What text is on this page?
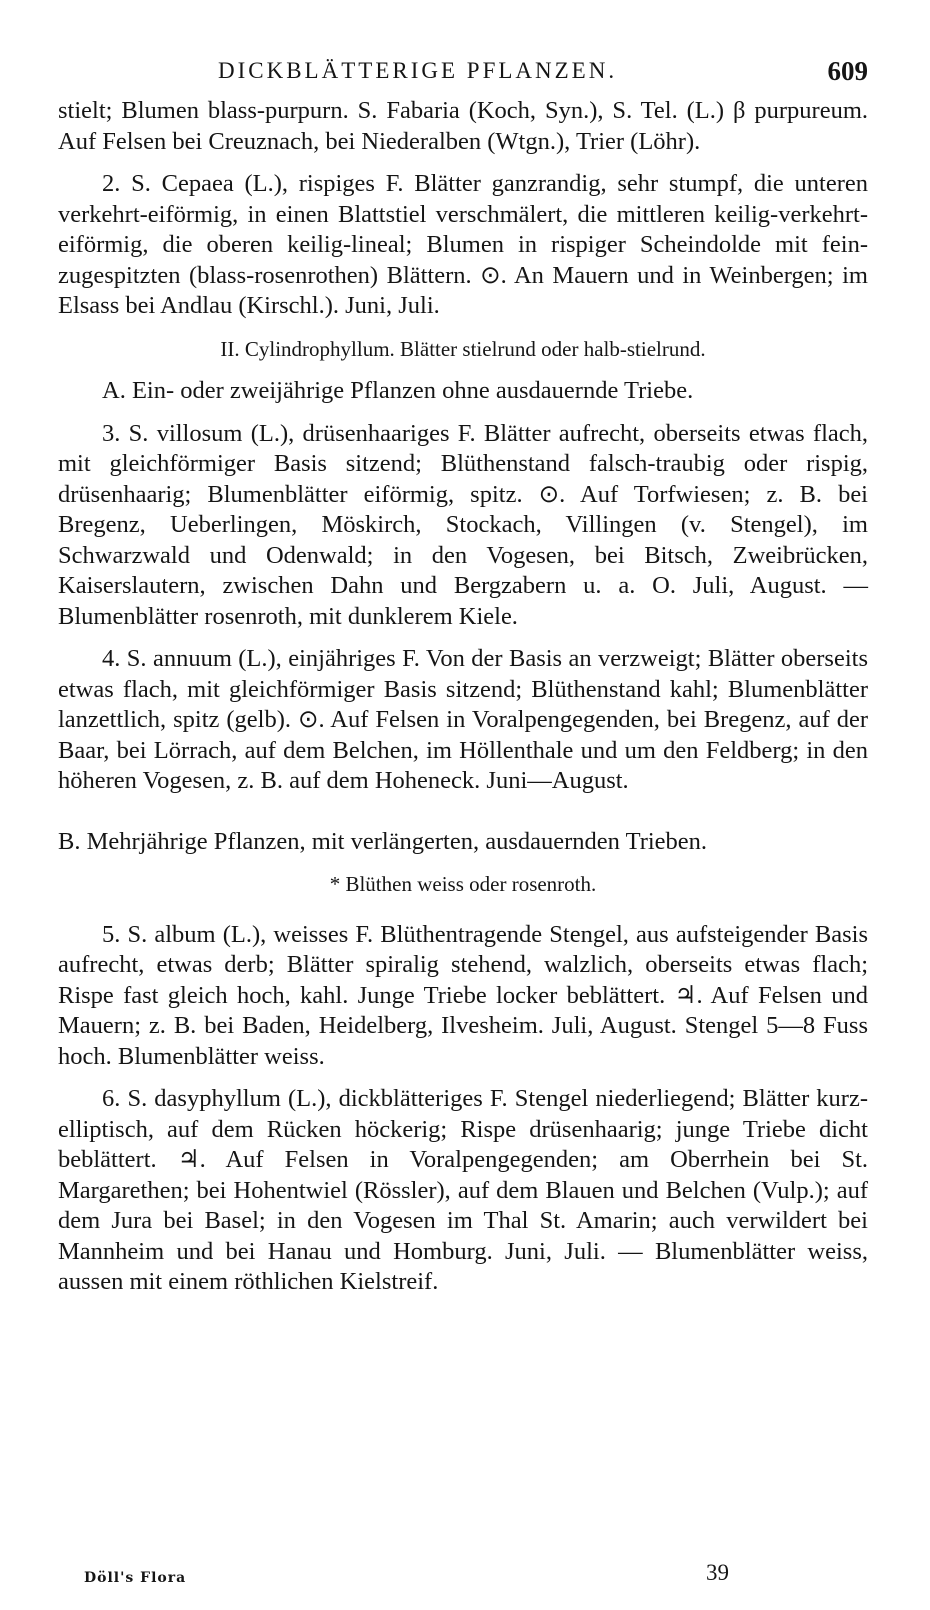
DICKBLÄTTERIGE PFLANZEN.	609

stielt; Blumen blass-purpurn. S. Fabaria (Koch, Syn.), S. Tel. (L.) β purpureum. Auf Felsen bei Creuznach, bei Niederalben (Wtgn.), Trier (Löhr).

2. S. Cepaea (L.), rispiges F. Blätter ganzrandig, sehr stumpf, die unteren verkehrt-eiförmig, in einen Blattstiel verschmälert, die mittleren keilig-verkehrt-eiförmig, die oberen keilig-lineal; Blumen in rispiger Scheindolde mit fein-zugespitzten (blass-rosenrothen) Blättern. ⊙. An Mauern und in Weinbergen; im Elsass bei Andlau (Kirschl.). Juni, Juli.

II. Cylindrophyllum. Blätter stielrund oder halb-stielrund.

A. Ein- oder zweijährige Pflanzen ohne ausdauernde Triebe.

3. S. villosum (L.), drüsenhaariges F. Blätter aufrecht, oberseits etwas flach, mit gleichförmiger Basis sitzend; Blüthenstand falsch-traubig oder rispig, drüsenhaarig; Blumenblätter eiförmig, spitz. ⊙. Auf Torfwiesen; z. B. bei Bregenz, Ueberlingen, Möskirch, Stockach, Villingen (v. Stengel), im Schwarzwald und Odenwald; in den Vogesen, bei Bitsch, Zweibrücken, Kaiserslautern, zwischen Dahn und Bergzabern u. a. O. Juli, August. — Blumenblätter rosenroth, mit dunklerem Kiele.

4. S. annuum (L.), einjähriges F. Von der Basis an verzweigt; Blätter oberseits etwas flach, mit gleichförmiger Basis sitzend; Blüthenstand kahl; Blumenblätter lanzettlich, spitz (gelb). ⊙. Auf Felsen in Voralpengegenden, bei Bregenz, auf der Baar, bei Lörrach, auf dem Belchen, im Höllenthale und um den Feldberg; in den höheren Vogesen, z. B. auf dem Hoheneck. Juni—August.

B. Mehrjährige Pflanzen, mit verlängerten, ausdauernden Trieben.

* Blüthen weiss oder rosenroth.

5. S. album (L.), weisses F. Blüthentragende Stengel, aus aufsteigender Basis aufrecht, etwas derb; Blätter spiralig stehend, walzlich, oberseits etwas flach; Rispe fast gleich hoch, kahl. Junge Triebe locker beblättert. ♃. Auf Felsen und Mauern; z. B. bei Baden, Heidelberg, Ilvesheim. Juli, August. Stengel 5—8 Fuss hoch. Blumenblätter weiss.

6. S. dasyphyllum (L.), dickblätteriges F. Stengel niederliegend; Blätter kurz-elliptisch, auf dem Rücken höckerig; Rispe drüsenhaarig; junge Triebe dicht beblättert. ♃. Auf Felsen in Voralpengegenden; am Oberrhein bei St. Margarethen; bei Hohentwiel (Rössler), auf dem Blauen und Belchen (Vulp.); auf dem Jura bei Basel; in den Vogesen im Thal St. Amarin; auch verwildert bei Mannheim und bei Hanau und Homburg. Juni, Juli. — Blumenblätter weiss, aussen mit einem röthlichen Kielstreif.

Döll's Flora	39
